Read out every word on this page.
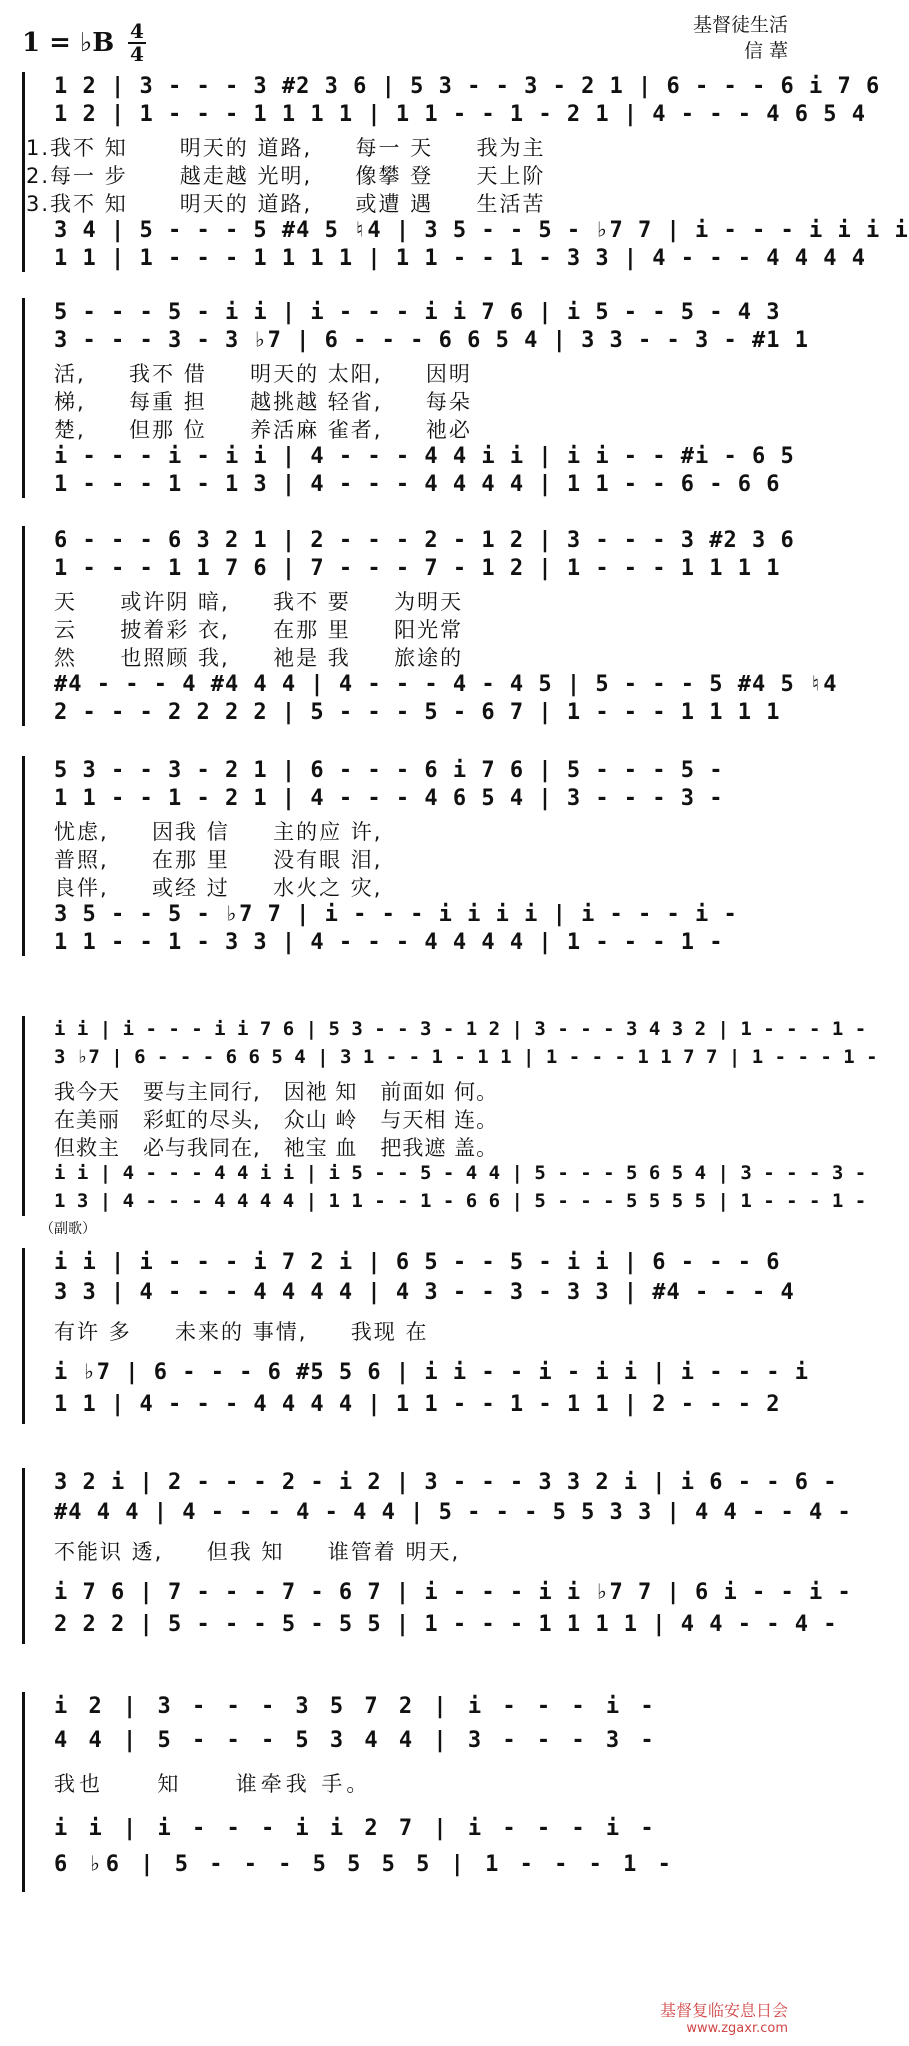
1 = ♭B 4
4
基督徒生活
信 葦
1 2 | 3 - - - 3 #2 3 6 | 5 3 - - 3 - 2 1 | 6 - - - 6 i 7 6
1 2 | 1 - - - 1 1 1 1 | 1 1 - - 1 - 2 1 | 4 - - - 4 6 5 4
1.我不 知      明天的 道路,     每一 天     我为主
2.每一 步      越走越 光明,     像攀 登     天上阶
3.我不 知      明天的 道路,     或遭 遇     生活苦
3 4 | 5 - - - 5 #4 5 ♮4 | 3 5 - - 5 - ♭7 7 | i - - - i i i i
1 1 | 1 - - - 1 1 1 1 | 1 1 - - 1 - 3 3 | 4 - - - 4 4 4 4
5 - - - 5 - i i | i - - - i i 7 6 | i 5 - - 5 - 4 3
3 - - - 3 - 3 ♭7 | 6 - - - 6 6 5 4 | 3 3 - - 3 - #1 1
活,     我不 借     明天的 太阳,     因明
梯,     每重 担     越挑越 轻省,     每朵
楚,     但那 位     养活麻 雀者,     祂必
i - - - i - i i | 4 - - - 4 4 i i | i i - - #i - 6 5
1 - - - 1 - 1 3 | 4 - - - 4 4 4 4 | 1 1 - - 6 - 6 6
6 - - - 6 3 2 1 | 2 - - - 2 - 1 2 | 3 - - - 3 #2 3 6
1 - - - 1 1 7 6 | 7 - - - 7 - 1 2 | 1 - - - 1 1 1 1
天     或许阴 暗,     我不 要     为明天
云     披着彩 衣,     在那 里     阳光常
然     也照顾 我,     祂是 我     旅途的
#4 - - - 4 #4 4 4 | 4 - - - 4 - 4 5 | 5 - - - 5 #4 5 ♮4
2 - - - 2 2 2 2 | 5 - - - 5 - 6 7 | 1 - - - 1 1 1 1
5 3 - - 3 - 2 1 | 6 - - - 6 i 7 6 | 5 - - - 5 -
1 1 - - 1 - 2 1 | 4 - - - 4 6 5 4 | 3 - - - 3 -
忧虑,     因我 信     主的应 许,
普照,     在那 里     没有眼 泪,
良伴,     或经 过     水火之 灾,
3 5 - - 5 - ♭7 7 | i - - - i i i i | i - - - i -
1 1 - - 1 - 3 3 | 4 - - - 4 4 4 4 | 1 - - - 1 -
i i | i - - - i i 7 6 | 5 3 - - 3 - 1 2 | 3 - - - 3 4 3 2 | 1 - - - 1 -
3 ♭7 | 6 - - - 6 6 5 4 | 3 1 - - 1 - 1 1 | 1 - - - 1 1 7 7 | 1 - - - 1 -
我今天   要与主同行,   因祂 知   前面如 何。
在美丽   彩虹的尽头,   众山 岭   与天相 连。
但救主   必与我同在,   祂宝 血   把我遮 盖。
i i | 4 - - - 4 4 i i | i 5 - - 5 - 4 4 | 5 - - - 5 6 5 4 | 3 - - - 3 -
1 3 | 4 - - - 4 4 4 4 | 1 1 - - 1 - 6 6 | 5 - - - 5 5 5 5 | 1 - - - 1 -
（副歌）
i i | i - - - i 7 2 i | 6 5 - - 5 - i i | 6 - - - 6
3 3 | 4 - - - 4 4 4 4 | 4 3 - - 3 - 3 3 | #4 - - - 4
有许 多     未来的 事情,     我现 在
i ♭7 | 6 - - - 6 #5 5 6 | i i - - i - i i | i - - - i
1 1 | 4 - - - 4 4 4 4 | 1 1 - - 1 - 1 1 | 2 - - - 2
3 2 i | 2 - - - 2 - i 2 | 3 - - - 3 3 2 i | i 6 - - 6 -
#4 4 4 | 4 - - - 4 - 4 4 | 5 - - - 5 5 3 3 | 4 4 - - 4 -
不能识 透,     但我 知     谁管着 明天,
i 7 6 | 7 - - - 7 - 6 7 | i - - - i i ♭7 7 | 6 i - - i -
2 2 2 | 5 - - - 5 - 5 5 | 1 - - - 1 1 1 1 | 4 4 - - 4 -
i 2 | 3 - - - 3 5 7 2 | i - - - i -
4 4 | 5 - - - 5 3 4 4 | 3 - - - 3 -
我也     知     谁牵我 手。
i i | i - - - i i 2 7 | i - - - i -
6 ♭6 | 5 - - - 5 5 5 5 | 1 - - - 1 -
基督复临安息日会
www.zgaxr.com
